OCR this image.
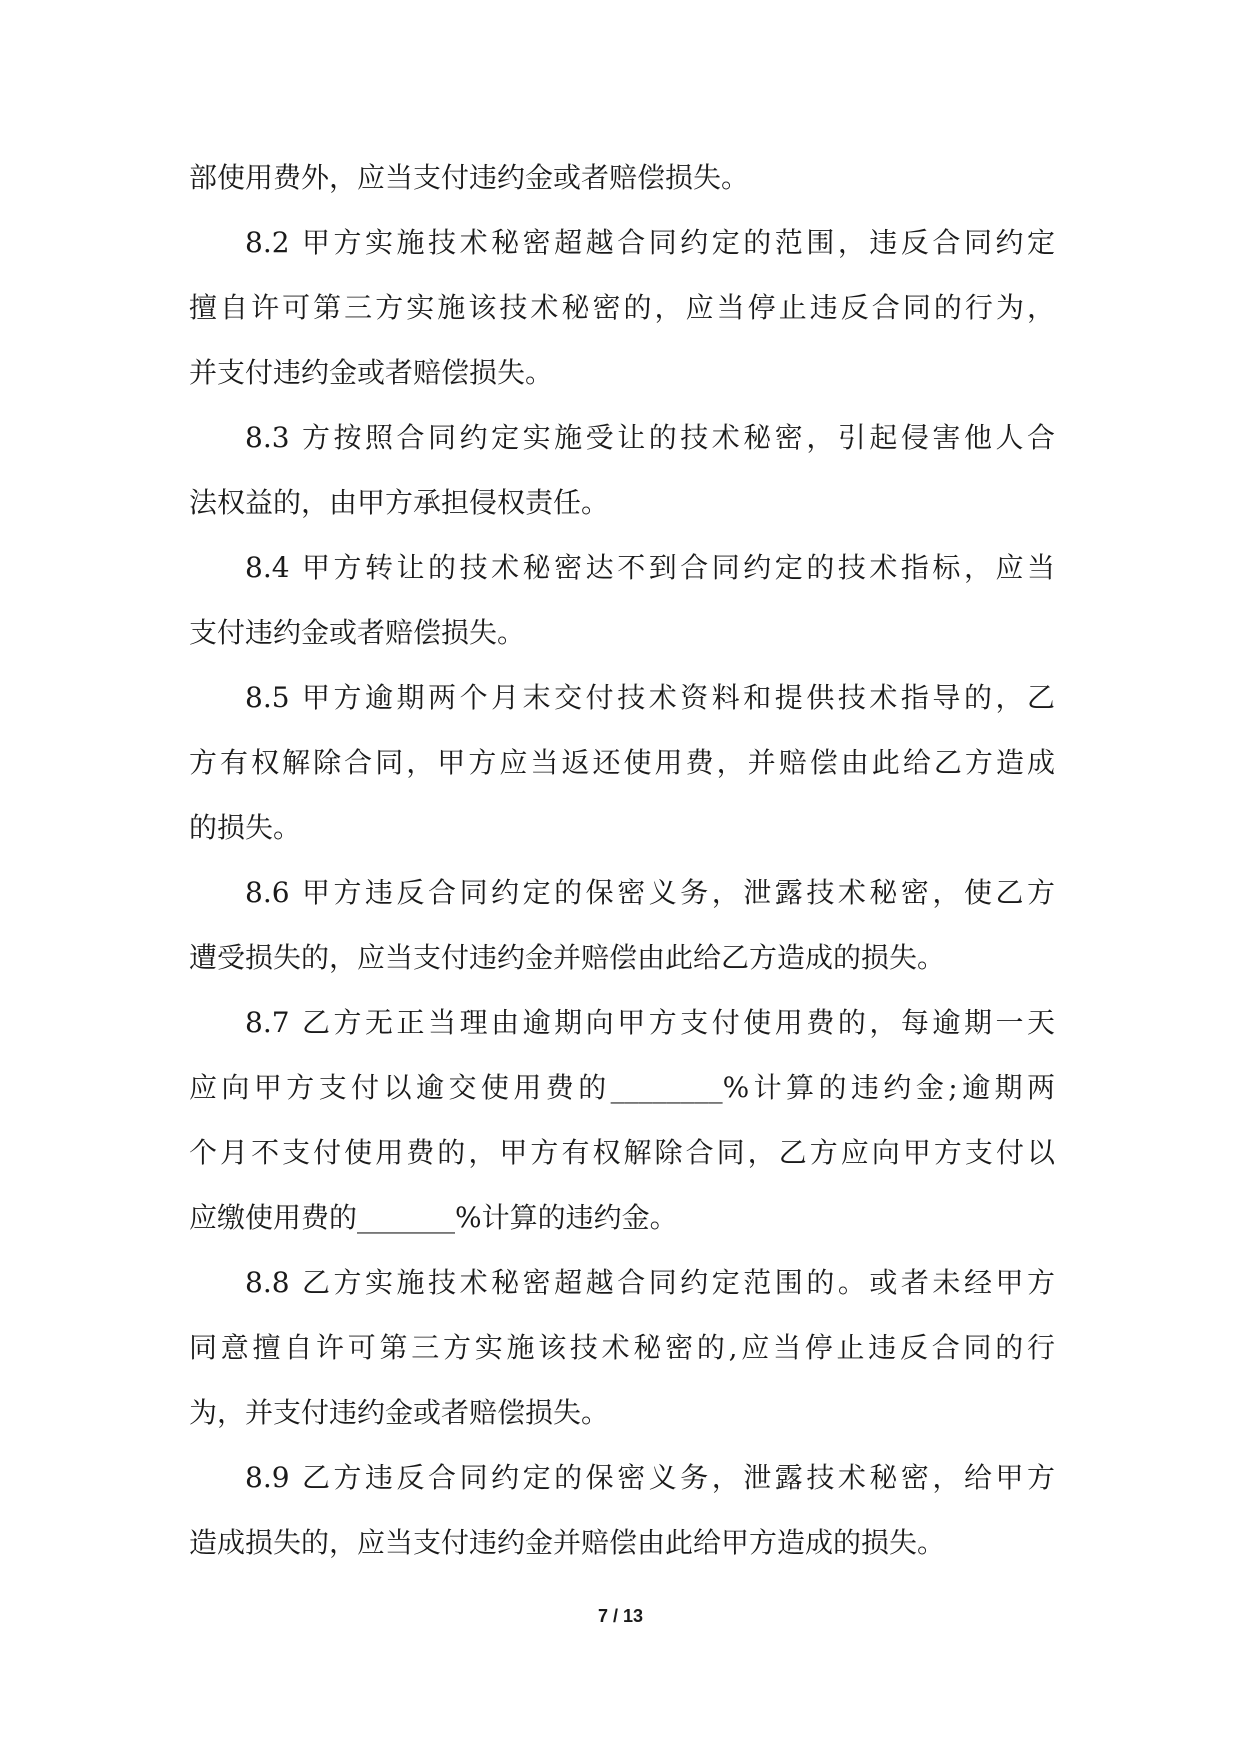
部使用费外，应当支付违约金或者赔偿损失。
8.2 甲方实施技术秘密超越合同约定的范围，违反合同约定
擅自许可第三方实施该技术秘密的，应当停止违反合同的行为，
并支付违约金或者赔偿损失。
8.3 方按照合同约定实施受让的技术秘密，引起侵害他人合
法权益的，由甲方承担侵权责任。
8.4 甲方转让的技术秘密达不到合同约定的技术指标，应当
支付违约金或者赔偿损失。
8.5 甲方逾期两个月末交付技术资料和提供技术指导的，乙
方有权解除合同，甲方应当返还使用费，并赔偿由此给乙方造成
的损失。
8.6 甲方违反合同约定的保密义务，泄露技术秘密，使乙方
遭受损失的，应当支付违约金并赔偿由此给乙方造成的损失。
8.7 乙方无正当理由逾期向甲方支付使用费的，每逾期一天
应向甲方支付以逾交使用费的________%计算的违约金;逾期两
个月不支付使用费的，甲方有权解除合同，乙方应向甲方支付以
应缴使用费的_______%计算的违约金。
8.8 乙方实施技术秘密超越合同约定范围的。或者未经甲方
同意擅自许可第三方实施该技术秘密的,应当停止违反合同的行
为，并支付违约金或者赔偿损失。
8.9 乙方违反合同约定的保密义务，泄露技术秘密，给甲方
造成损失的，应当支付违约金并赔偿由此给甲方造成的损失。
7 / 13
